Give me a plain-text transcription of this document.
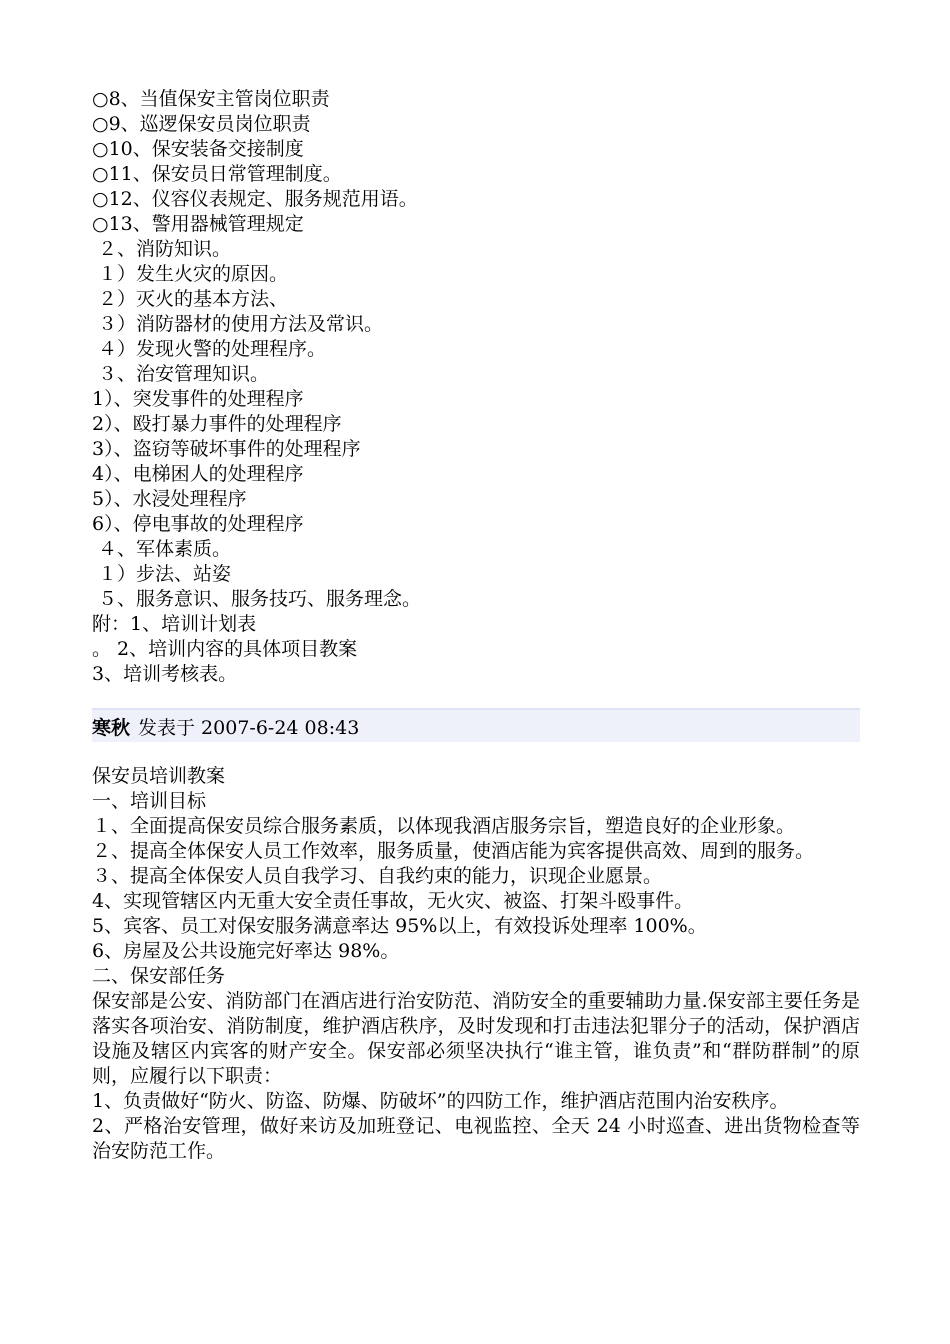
○8、当值保安主管岗位职责

○9、巡逻保安员岗位职责

○10、保安装备交接制度

○11、保安员日常管理制度。

○12、仪容仪表规定、服务规范用语。

○13、警用器械管理规定

２、消防知识。

１）发生火灾的原因。

２）灭火的基本方法、

３）消防器材的使用方法及常识。

４）发现火警的处理程序。

３、治安管理知识。

1）、突发事件的处理程序

2）、殴打暴力事件的处理程序

3）、盗窃等破坏事件的处理程序

4）、电梯困人的处理程序

5）、水浸处理程序

6）、停电事故的处理程序

４、军体素质。

１）步法、站姿

５、服务意识、服务技巧、服务理念。

附：1、培训计划表

。 2、培训内容的具体项目教案

3、培训考核表。

寒秋 发表于 2007-6-24 08:43

保安员培训教案

一、培训目标

１、全面提高保安员综合服务素质，以体现我酒店服务宗旨，塑造良好的企业形象。

２、提高全体保安人员工作效率，服务质量，使酒店能为宾客提供高效、周到的服务。

３、提高全体保安人员自我学习、自我约束的能力，识现企业愿景。

4、实现管辖区内无重大安全责任事故，无火灾、被盗、打架斗殴事件。

5、宾客、员工对保安服务满意率达 95%以上，有效投诉处理率 100%。

6、房屋及公共设施完好率达 98%。

二、保安部任务

保安部是公安、消防部门在酒店进行治安防范、消防安全的重要辅助力量.保安部主要任务是落实各项治安、消防制度，维护酒店秩序，及时发现和打击违法犯罪分子的活动，保护酒店设施及辖区内宾客的财产安全。保安部必须坚决执行“谁主管，谁负责”和“群防群制”的原则，应履行以下职责：

1、负责做好“防火、防盗、防爆、防破坏”的四防工作，维护酒店范围内治安秩序。

2、严格治安管理，做好来访及加班登记、电视监控、全天 24 小时巡查、进出货物检查等治安防范工作。
